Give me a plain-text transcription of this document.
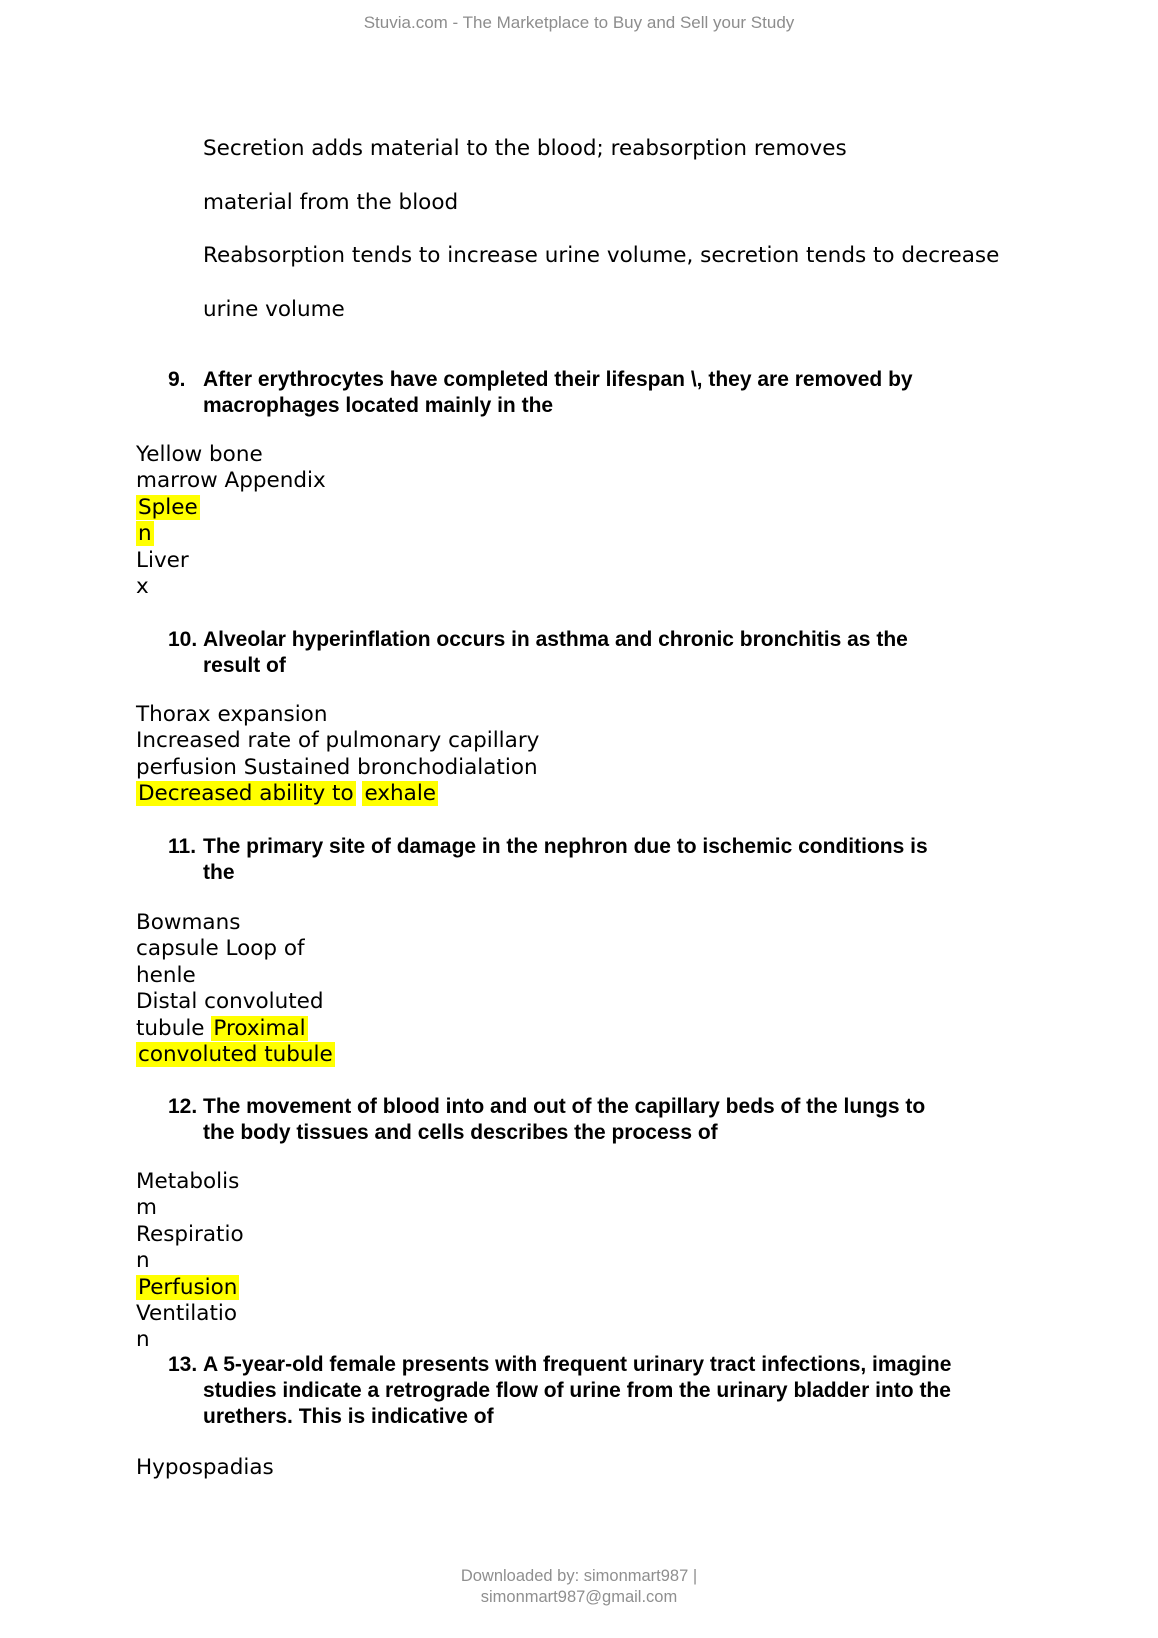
Stuvia.com - The Marketplace to Buy and Sell your Study
Secretion adds material to the blood; reabsorption removes
material from the blood
Reabsorption tends to increase urine volume, secretion tends to decrease
urine volume
9. After erythrocytes have completed their lifespan \, they are removed by
macrophages located mainly in the
Yellow bone
marrow Appendix
Splee
n
Liver
x
10. Alveolar hyperinflation occurs in asthma and chronic bronchitis as the
result of
Thorax expansion
Increased rate of pulmonary capillary
perfusion Sustained bronchodialation
Decreased ability to exhale
11. The primary site of damage in the nephron due to ischemic conditions is
the
Bowmans
capsule Loop of
henle
Distal convoluted
tubule Proximal
convoluted tubule
12. The movement of blood into and out of the capillary beds of the lungs to
the body tissues and cells describes the process of
Metabolis
m
Respiratio
n
Perfusion
Ventilatio
n
13. A 5-year-old female presents with frequent urinary tract infections, imagine
studies indicate a retrograde flow of urine from the urinary bladder into the
urethers. This is indicative of
Hypospadias
Downloaded by: simonmart987 |
simonmart987@gmail.com
